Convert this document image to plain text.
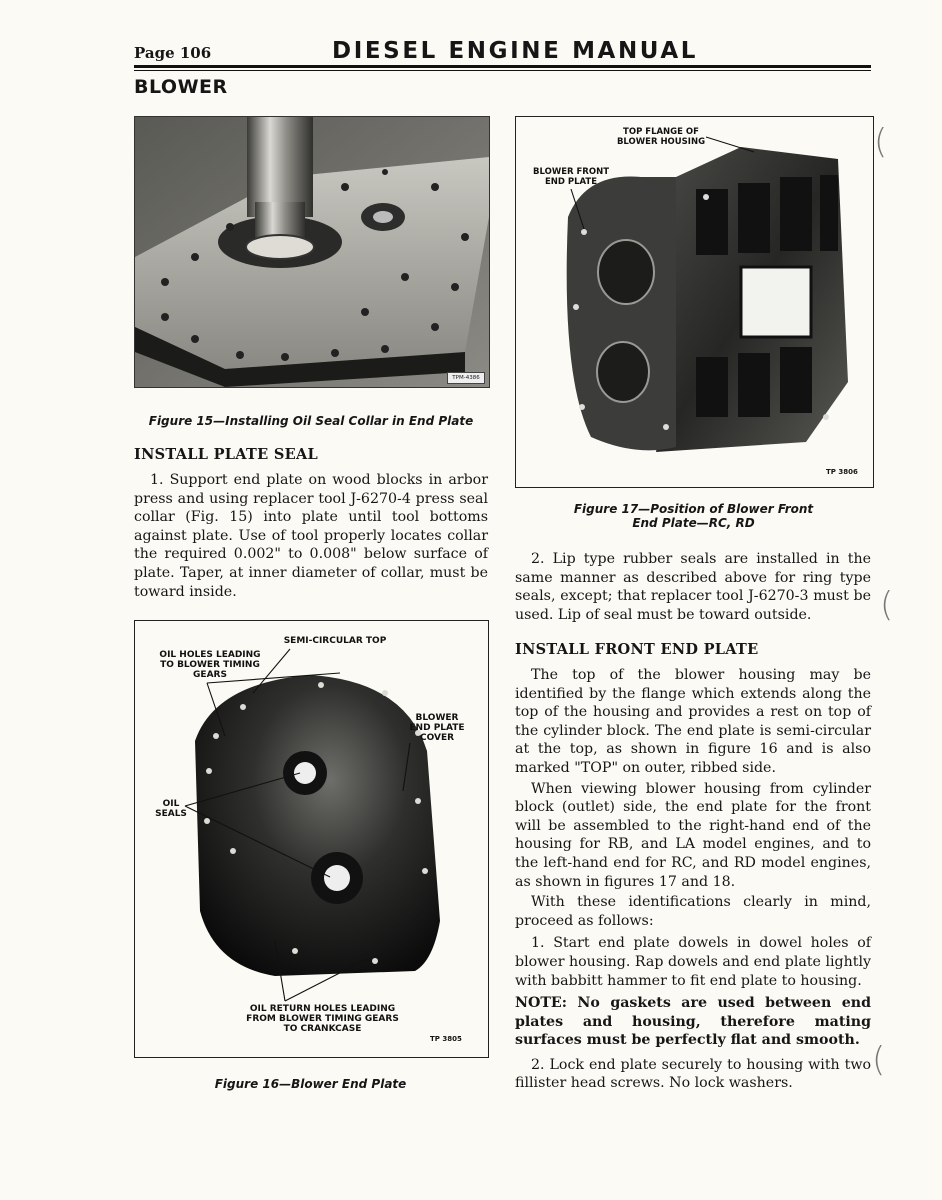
Page 106	DIESEL ENGINE MANUAL
BLOWER
TPM-4386
Figure 15—Installing Oil Seal Collar in End Plate
INSTALL PLATE SEAL

1. Support end plate on wood blocks in arbor press and using replacer tool J-6270-4 press seal collar (Fig. 15) into plate until tool bottoms against plate. Use of tool properly locates collar the required 0.002" to 0.008" below surface of plate. Taper, at inner diameter of collar, must be toward inside.

SEMI-CIRCULAR TOP
OIL HOLES LEADING TO BLOWER TIMING GEARS
BLOWER END PLATE COVER
OIL SEALS
OIL RETURN HOLES LEADING FROM BLOWER TIMING GEARS TO CRANKCASE
TP 3805
Figure 16—Blower End Plate
TOP FLANGE OF BLOWER HOUSING
BLOWER FRONT END PLATE
TP 3806
Figure 17—Position of Blower Front
End Plate—RC, RD

2. Lip type rubber seals are installed in the same manner as described above for ring type seals, except; that replacer tool J-6270-3 must be used. Lip of seal must be toward outside.

INSTALL FRONT END PLATE

The top of the blower housing may be identified by the flange which extends along the top of the housing and provides a rest on top of the cylinder block. The end plate is semi-circular at the top, as shown in figure 16 and is also marked "TOP" on outer, ribbed side.

When viewing blower housing from cylinder block (outlet) side, the end plate for the front will be assembled to the right-hand end of the housing for RB, and LA model engines, and to the left-hand end for RC, and RD model engines, as shown in figures 17 and 18.

With these identifications clearly in mind, proceed as follows:

1. Start end plate dowels in dowel holes of blower housing. Rap dowels and end plate lightly with babbitt hammer to fit end plate to housing.

NOTE: No gaskets are used between end plates and housing, therefore mating surfaces must be perfectly flat and smooth.

2. Lock end plate securely to housing with two fillister head screws. No lock washers.

(
(
(
